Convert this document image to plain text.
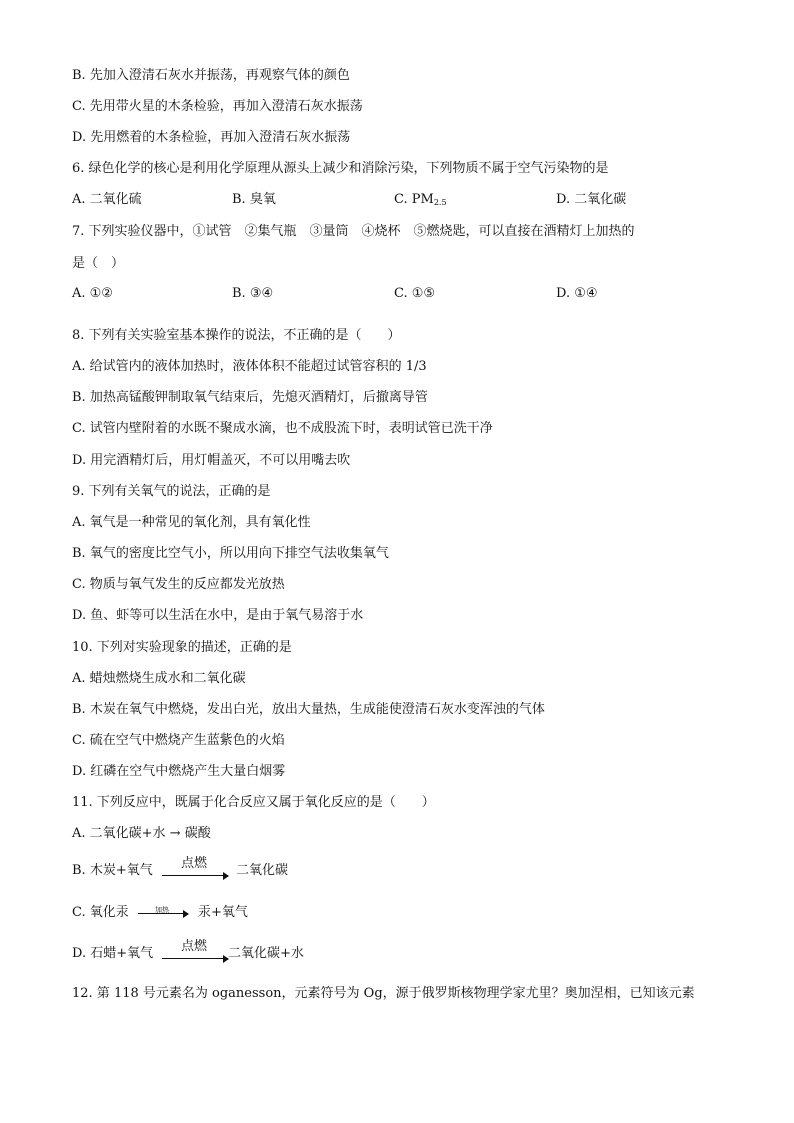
B. 先加入澄清石灰水并振荡，再观察气体的颜色
C. 先用带火星的木条检验，再加入澄清石灰水振荡
D. 先用燃着的木条检验，再加入澄清石灰水振荡
6. 绿色化学的核心是利用化学原理从源头上减少和消除污染，下列物质不属于空气污染物的是
A. 二氧化硫	B. 臭氧	C. $PM_{2.5}$	D. 二氧化碳
7. 下列实验仪器中，①试管　②集气瓶　③量筒　④烧杯　⑤燃烧匙，可以直接在酒精灯上加热的
是（　）
A. ①②	B. ③④	C. ①⑤	D. ①④
8. 下列有关实验室基本操作的说法，不正确的是（　　）
A. 给试管内的液体加热时，液体体积不能超过试管容积的 1/3
B. 加热高锰酸钾制取氧气结束后，先熄灭酒精灯，后撤离导管
C. 试管内壁附着的水既不聚成水滴，也不成股流下时，表明试管已洗干净
D. 用完酒精灯后，用灯帽盖灭，不可以用嘴去吹
9. 下列有关氧气的说法，正确的是
A. 氧气是一种常见的氧化剂，具有氧化性
B. 氧气的密度比空气小，所以用向下排空气法收集氧气
C. 物质与氧气发生的反应都发光放热
D. 鱼、虾等可以生活在水中，是由于氧气易溶于水
10. 下列对实验现象的描述，正确的是
A. 蜡烛燃烧生成水和二氧化碳
B. 木炭在氧气中燃烧，发出白光，放出大量热，生成能使澄清石灰水变浑浊的气体
C. 硫在空气中燃烧产生蓝紫色的火焰
D. 红磷在空气中燃烧产生大量白烟雾
11. 下列反应中，既属于化合反应又属于氧化反应的是（　　）
A. 二氧化碳+水 → 碳酸
B. 木炭+氧气	点燃	二氧化碳
C. 氧化汞	加热	汞+氧气
D. 石蜡+氧气	点燃	二氧化碳+水
12. 第 118 号元素名为 oganesson，元素符号为 Og，源于俄罗斯核物理学家尤里？奥加涅相，已知该元素
